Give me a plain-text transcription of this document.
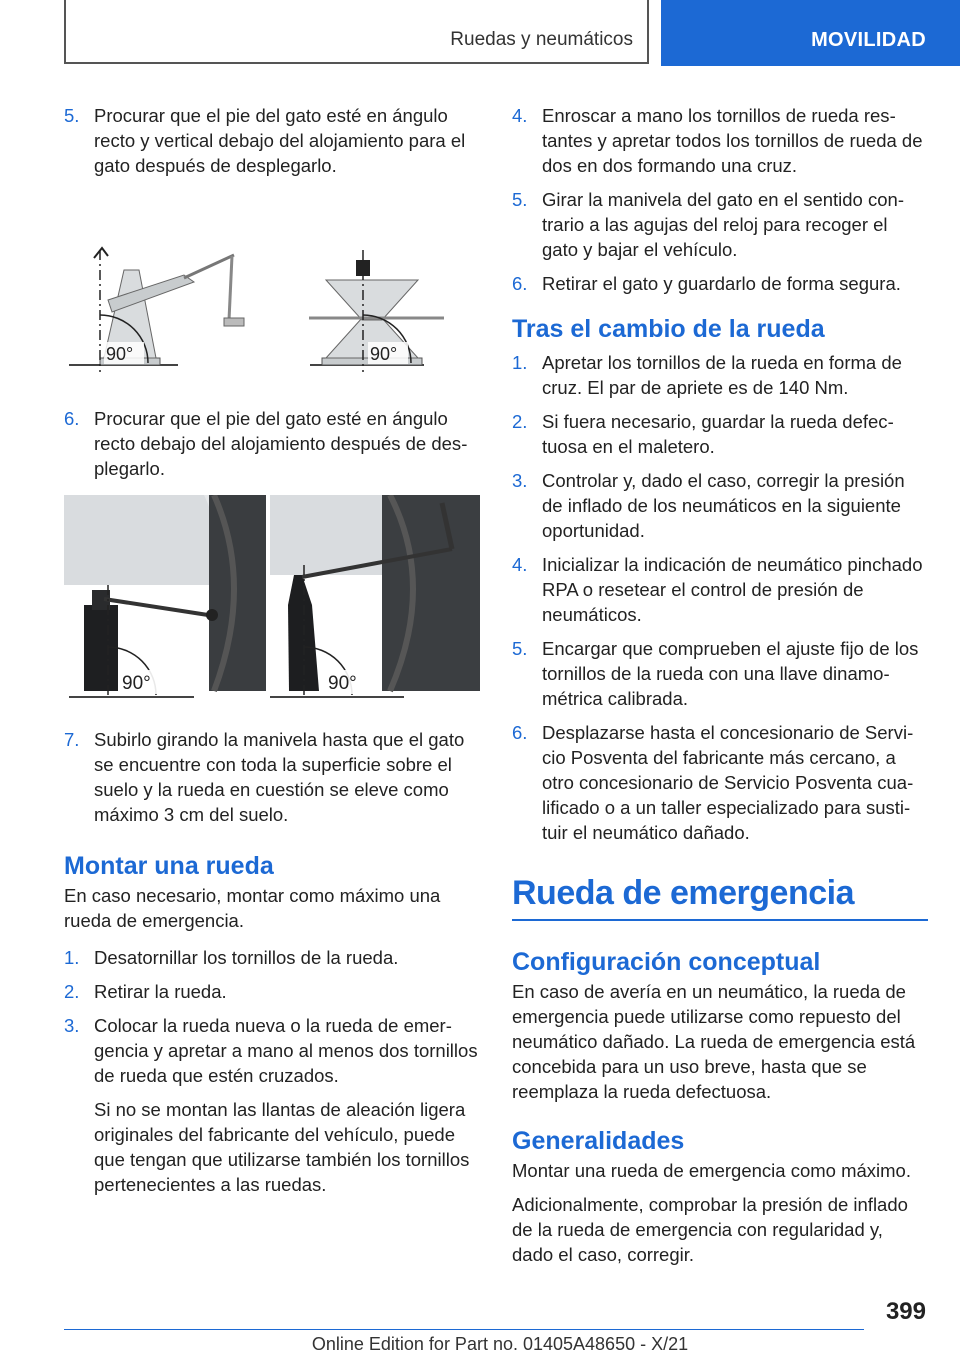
Ruedas y neumáticos	MOVILIDAD
5. Procurar que el pie del gato esté en ángulo recto y vertical debajo del alojamiento para el gato después de desplegarlo.
90°	90°
6. Procurar que el pie del gato esté en ángulo recto debajo del alojamiento después de desplegarlo.
90°	90°
7. Subirlo girando la manivela hasta que el gato se encuentre con toda la superficie sobre el suelo y la rueda en cuestión se eleve como máximo 3 cm del suelo.
Montar una rueda

En caso necesario, montar como máximo una rueda de emergencia.

1. Desatornillar los tornillos de la rueda.
2. Retirar la rueda.
3. Colocar la rueda nueva o la rueda de emergencia y apretar a mano al menos dos tornillos de rueda que estén cruzados.

Si no se montan las llantas de aleación ligera originales del fabricante del vehículo, puede que tengan que utilizarse también los tornillos pertenecientes a las ruedas.

4. Enroscar a mano los tornillos de rueda restantes y apretar todos los tornillos de rueda de dos en dos formando una cruz.
5. Girar la manivela del gato en el sentido contrario a las agujas del reloj para recoger el gato y bajar el vehículo.
6. Retirar el gato y guardarlo de forma segura.
Tras el cambio de la rueda
1. Apretar los tornillos de la rueda en forma de cruz. El par de apriete es de 140 Nm.
2. Si fuera necesario, guardar la rueda defectuosa en el maletero.
3. Controlar y, dado el caso, corregir la presión de inflado de los neumáticos en la siguiente oportunidad.
4. Inicializar la indicación de neumático pinchado RPA o resetear el control de presión de neumáticos.
5. Encargar que comprueben el ajuste fijo de los tornillos de la rueda con una llave dinamométrica calibrada.
6. Desplazarse hasta el concesionario de Servicio Posventa del fabricante más cercano, a otro concesionario de Servicio Posventa cualificado o a un taller especializado para sustituir el neumático dañado.
Rueda de emergencia
Configuración conceptual

En caso de avería en un neumático, la rueda de emergencia puede utilizarse como repuesto del neumático dañado. La rueda de emergencia está concebida para un uso breve, hasta que se reemplaza la rueda defectuosa.

Generalidades

Montar una rueda de emergencia como máximo.

Adicionalmente, comprobar la presión de inflado de la rueda de emergencia con regularidad y, dado el caso, corregir.

399
Online Edition for Part no. 01405A48650 - X/21
